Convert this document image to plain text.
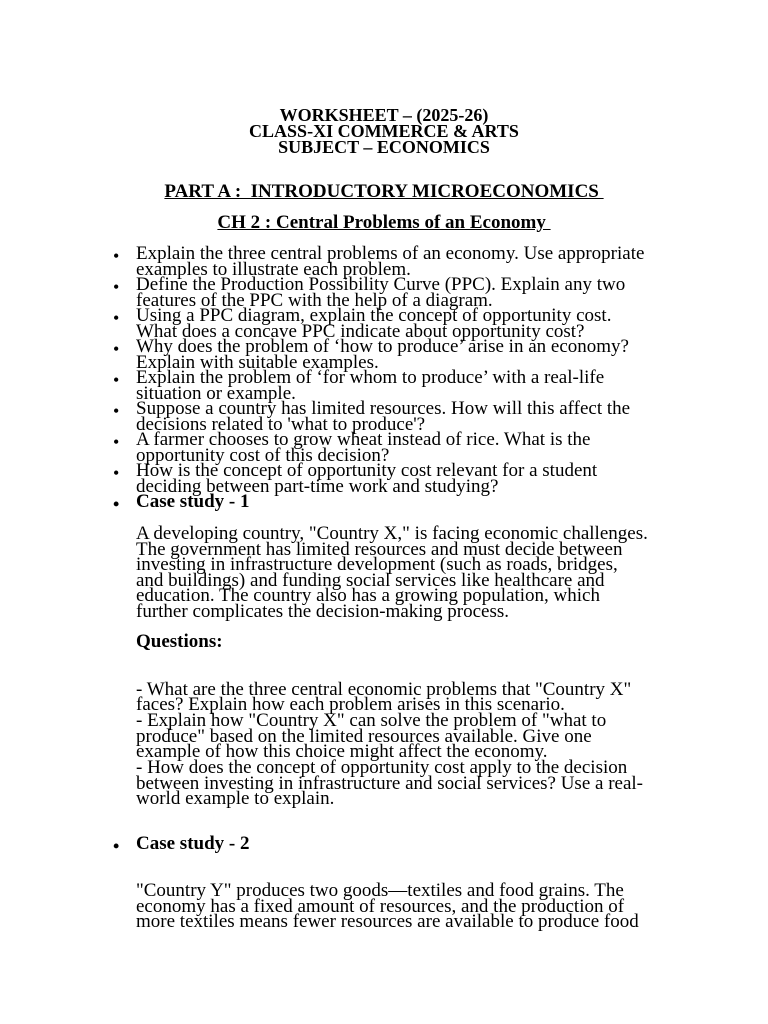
WORKSHEET – (2025-26)
CLASS-XI COMMERCE & ARTS
SUBJECT – ECONOMICS
PART A :  INTRODUCTORY MICROECONOMICS
CH 2 : Central Problems of an Economy
• Explain the three central problems of an economy. Use appropriate
examples to illustrate each problem.
• Define the Production Possibility Curve (PPC). Explain any two
features of the PPC with the help of a diagram.
• Using a PPC diagram, explain the concept of opportunity cost.
What does a concave PPC indicate about opportunity cost?
• Why does the problem of ‘how to produce’ arise in an economy?
Explain with suitable examples.
• Explain the problem of ‘for whom to produce’ with a real-life
situation or example.
• Suppose a country has limited resources. How will this affect the
decisions related to 'what to produce'?
• A farmer chooses to grow wheat instead of rice. What is the
opportunity cost of this decision?
• How is the concept of opportunity cost relevant for a student
deciding between part-time work and studying?
• Case study - 1
A developing country, "Country X," is facing economic challenges.
The government has limited resources and must decide between
investing in infrastructure development (such as roads, bridges,
and buildings) and funding social services like healthcare and
education. The country also has a growing population, which
further complicates the decision-making process.
Questions:
- What are the three central economic problems that "Country X"
faces? Explain how each problem arises in this scenario.
- Explain how "Country X" can solve the problem of "what to
produce" based on the limited resources available. Give one
example of how this choice might affect the economy.
- How does the concept of opportunity cost apply to the decision
between investing in infrastructure and social services? Use a real-
world example to explain.
• Case study - 2
"Country Y" produces two goods—textiles and food grains. The
economy has a fixed amount of resources, and the production of
more textiles means fewer resources are available to produce food
